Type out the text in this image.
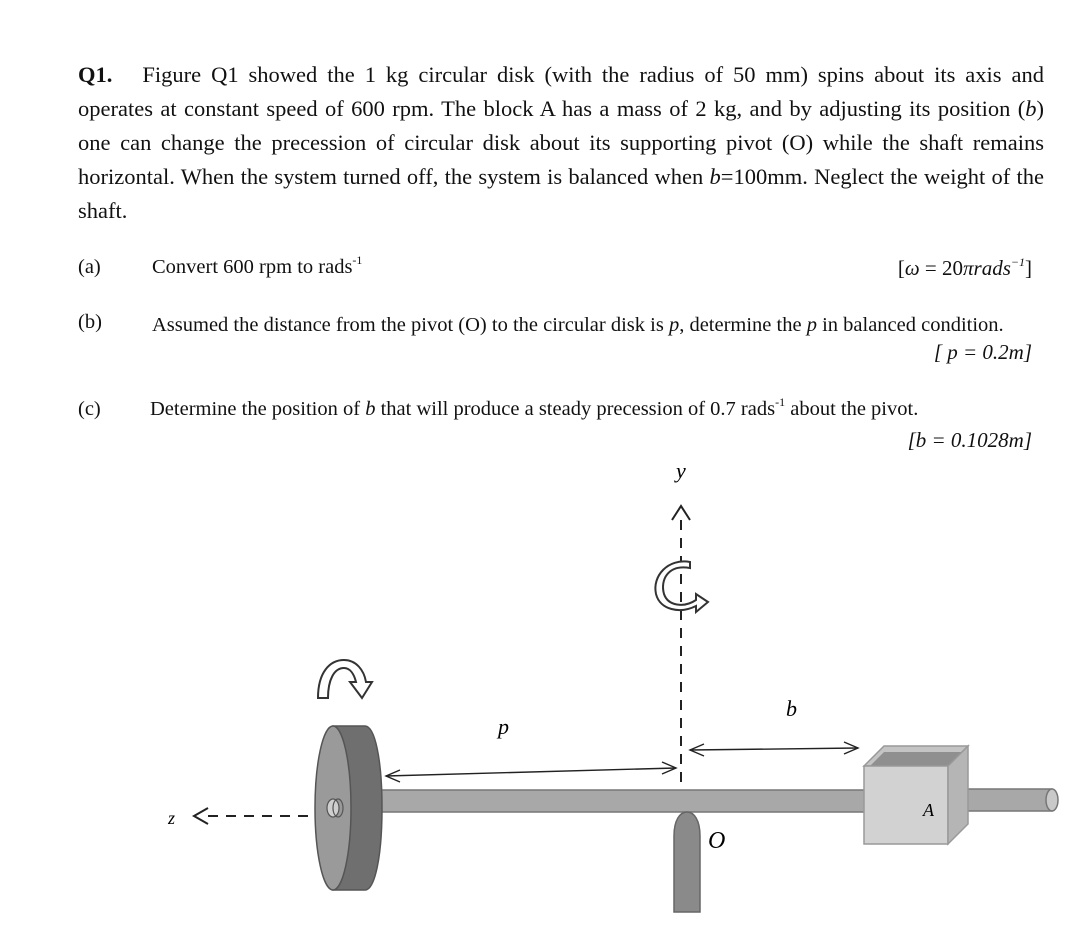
Q1. Figure Q1 showed the 1 kg circular disk (with the radius of 50 mm) spins about its axis and operates at constant speed of 600 rpm. The block A has a mass of 2 kg, and by adjusting its position (b) one can change the precession of circular disk about its supporting pivot (O) while the shaft remains horizontal. When the system turned off, the system is balanced when b=100mm. Neglect the weight of the shaft.
(a) Convert 600 rpm to rads$^{-1}$	[ω = 20πrads$^{-1}$]
(b) Assumed the distance from the pivot (O) to the circular disk is p, determine the p in balanced condition.
[ p = 0.2m]
(c) Determine the position of b that will produce a steady precession of 0.7 rads$^{-1}$ about the pivot.
[b = 0.1028m]
y
O
z
p
b
A
